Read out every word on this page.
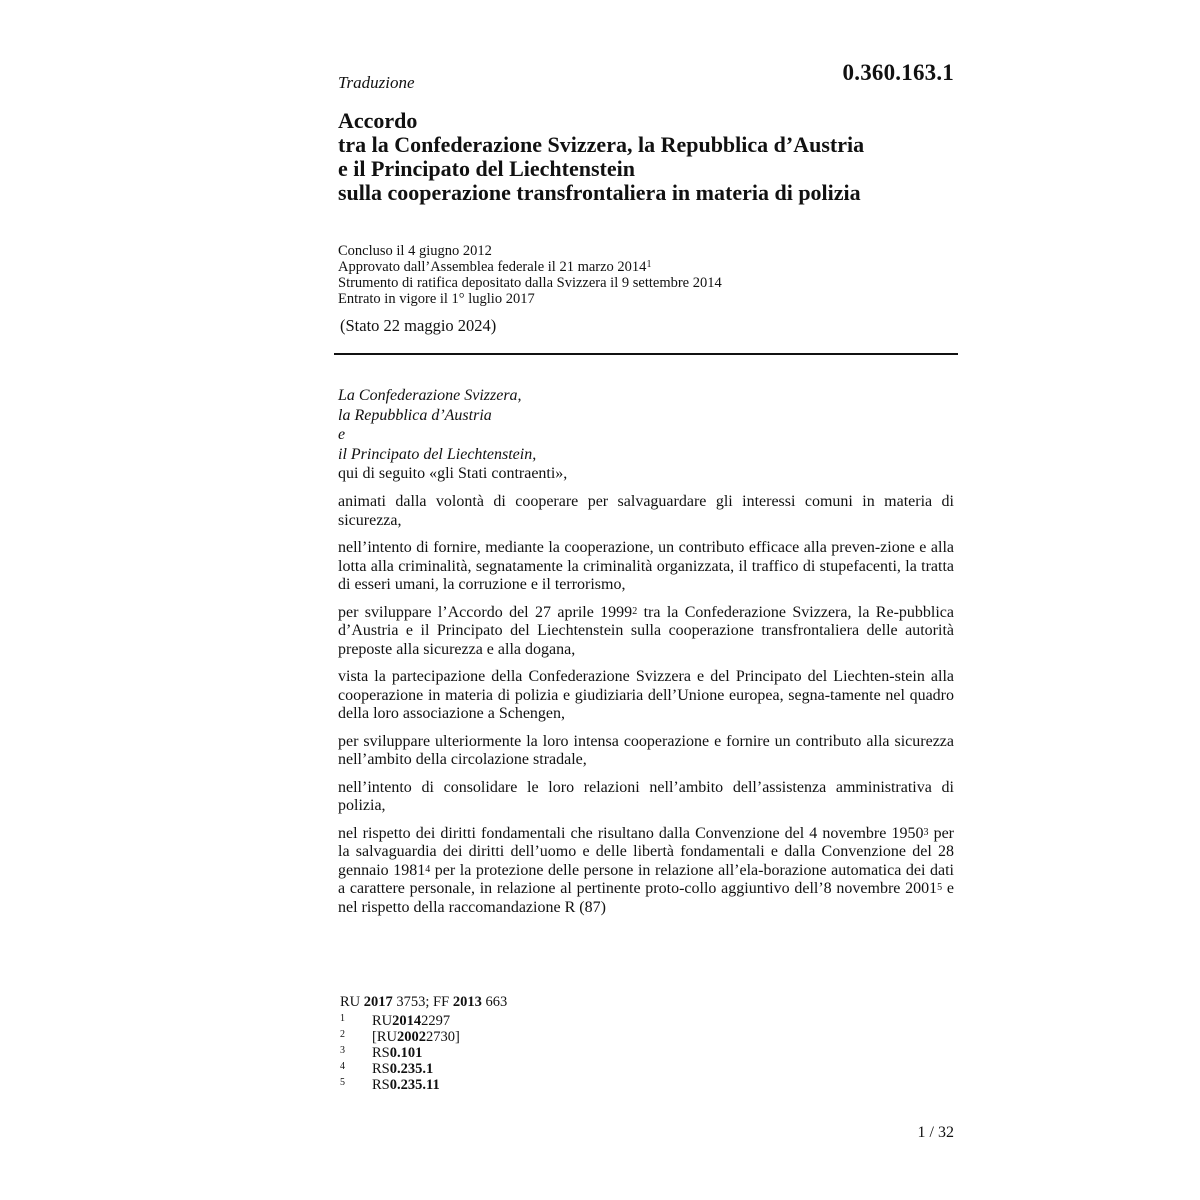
0.360.163.1
Traduzione
Accordo
tra la Confederazione Svizzera, la Repubblica d’Austria
e il Principato del Liechtenstein
sulla cooperazione transfrontaliera in materia di polizia
Concluso il 4 giugno 2012
Approvato dall’Assemblea federale il 21 marzo 2014$^1$
Strumento di ratifica depositato dalla Svizzera il 9 settembre 2014
Entrato in vigore il 1° luglio 2017
(Stato 22 maggio 2024)
La Confederazione Svizzera,
la Repubblica d’Austria
e
il Principato del Liechtenstein,
qui di seguito «gli Stati contraenti»,

animati dalla volontà di cooperare per salvaguardare gli interessi comuni in materia di sicurezza,

nell’intento di fornire, mediante la cooperazione, un contributo efficace alla preven-zione e alla lotta alla criminalità, segnatamente la criminalità organizzata, il traffico di stupefacenti, la tratta di esseri umani, la corruzione e il terrorismo,

per sviluppare l’Accordo del 27 aprile 1999$^2$ tra la Confederazione Svizzera, la Re-pubblica d’Austria e il Principato del Liechtenstein sulla cooperazione transfrontaliera delle autorità preposte alla sicurezza e alla dogana,

vista la partecipazione della Confederazione Svizzera e del Principato del Liechten-stein alla cooperazione in materia di polizia e giudiziaria dell’Unione europea, segna-tamente nel quadro della loro associazione a Schengen,

per sviluppare ulteriormente la loro intensa cooperazione e fornire un contributo alla sicurezza nell’ambito della circolazione stradale,

nell’intento di consolidare le loro relazioni nell’ambito dell’assistenza amministrativa di polizia,

nel rispetto dei diritti fondamentali che risultano dalla Convenzione del 4 novembre 1950$^3$ per la salvaguardia dei diritti dell’uomo e delle libertà fondamentali e dalla Convenzione del 28 gennaio 1981$^4$ per la protezione delle persone in relazione all’ela-borazione automatica dei dati a carattere personale, in relazione al pertinente proto-collo aggiuntivo dell’8 novembre 2001$^5$ e nel rispetto della raccomandazione R (87)

RU 2017 3753; FF 2013 663
1	RU 2014 2297
2	[RU 2002 2730]
3	RS 0.101
4	RS 0.235.1
5	RS 0.235.11
1 / 32
